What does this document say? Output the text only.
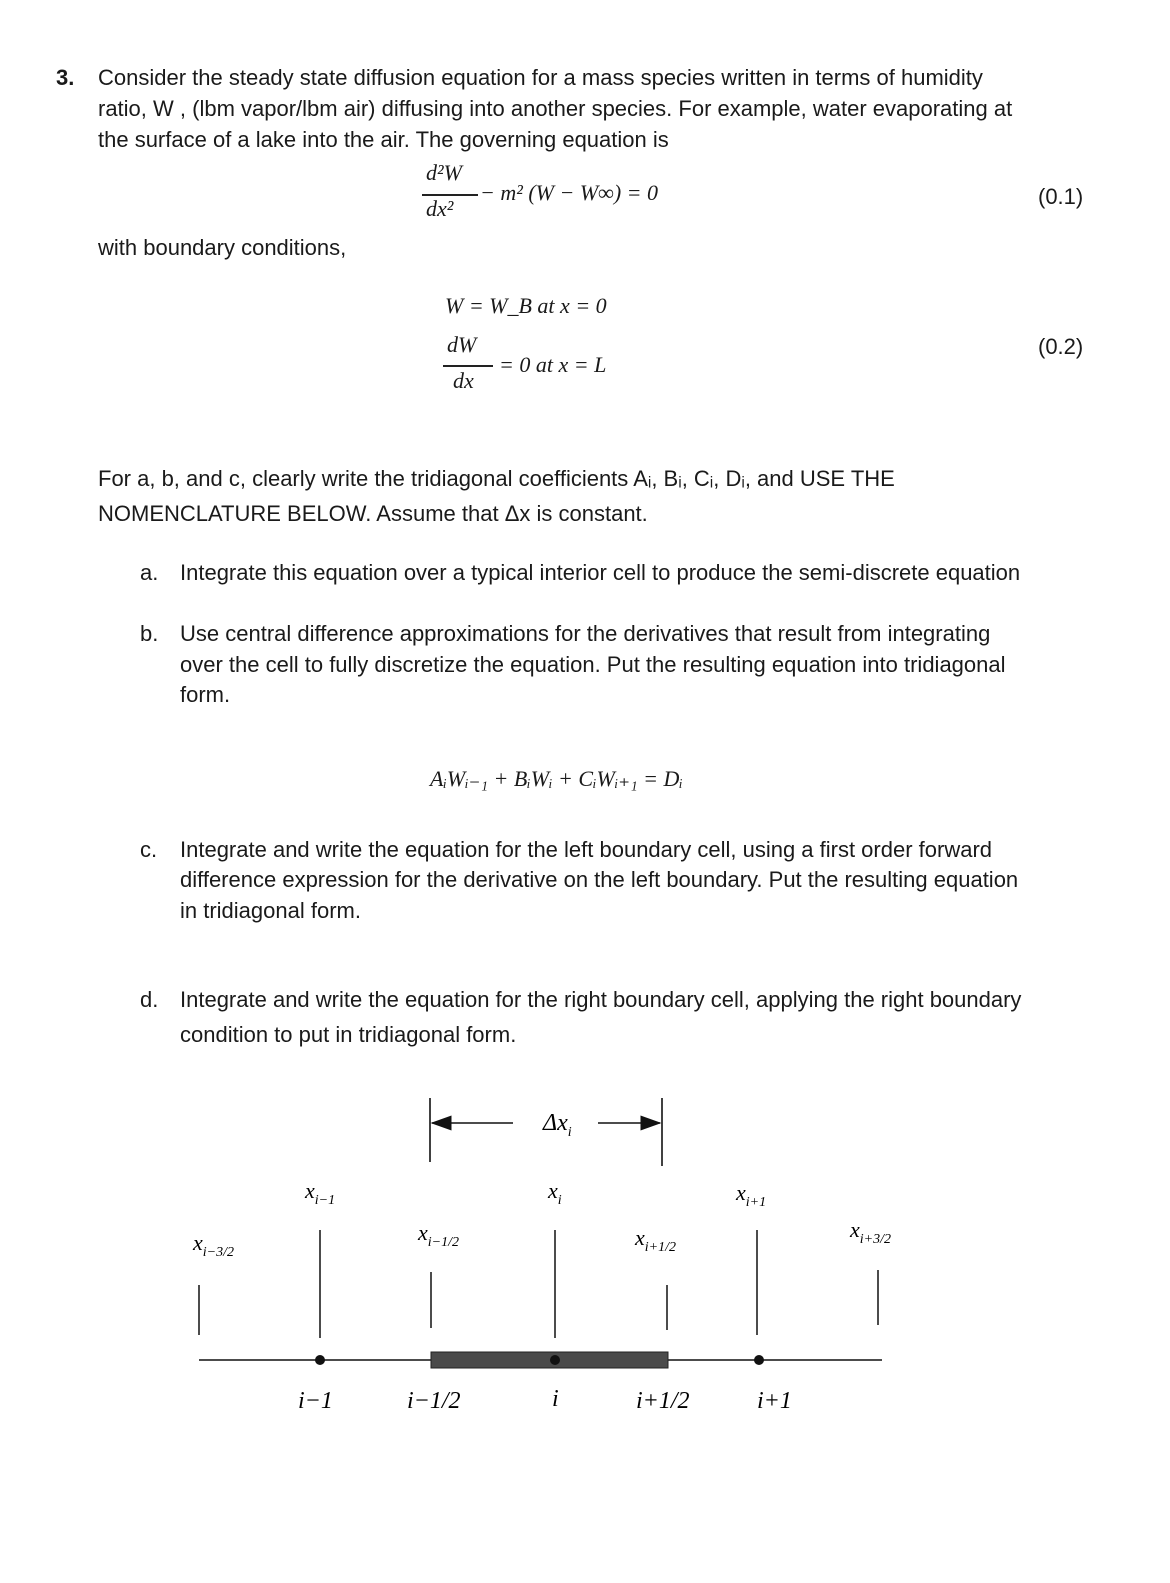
3. Consider the steady state diffusion equation for a mass species written in terms of humidity
ratio, W , (lbm vapor/lbm air) diffusing into another species. For example, water evaporating at
the surface of a lake into the air. The governing equation is
d²W
dx²
− m² (W − W∞) = 0	(0.1)
with boundary conditions,
W = W_B at x = 0
dW
dx
= 0 at x = L
(0.2)
For a, b, and c, clearly write the tridiagonal coefficients Aᵢ, Bᵢ, Cᵢ, Dᵢ, and USE THE
NOMENCLATURE BELOW. Assume that Δx is constant.
a. Integrate this equation over a typical interior cell to produce the semi-discrete equation
b. Use central difference approximations for the derivatives that result from integrating
over the cell to fully discretize the equation. Put the resulting equation into tridiagonal
form.
AᵢWᵢ₋₁ + BᵢWᵢ + CᵢWᵢ₊₁ = Dᵢ
c. Integrate and write the equation for the left boundary cell, using a first order forward
difference expression for the derivative on the left boundary. Put the resulting equation
in tridiagonal form.
d. Integrate and write the equation for the right boundary cell, applying the right boundary
condition to put in tridiagonal form.
$\Delta x_i$
$x_{i-3/2}$
$x_{i-1}$
$x_{i-1/2}$
$x_i$
$x_{i+1/2}$
$x_{i+1}$
$x_{i+3/2}$
i−1	i−1/2	i	i+1/2	i+1
